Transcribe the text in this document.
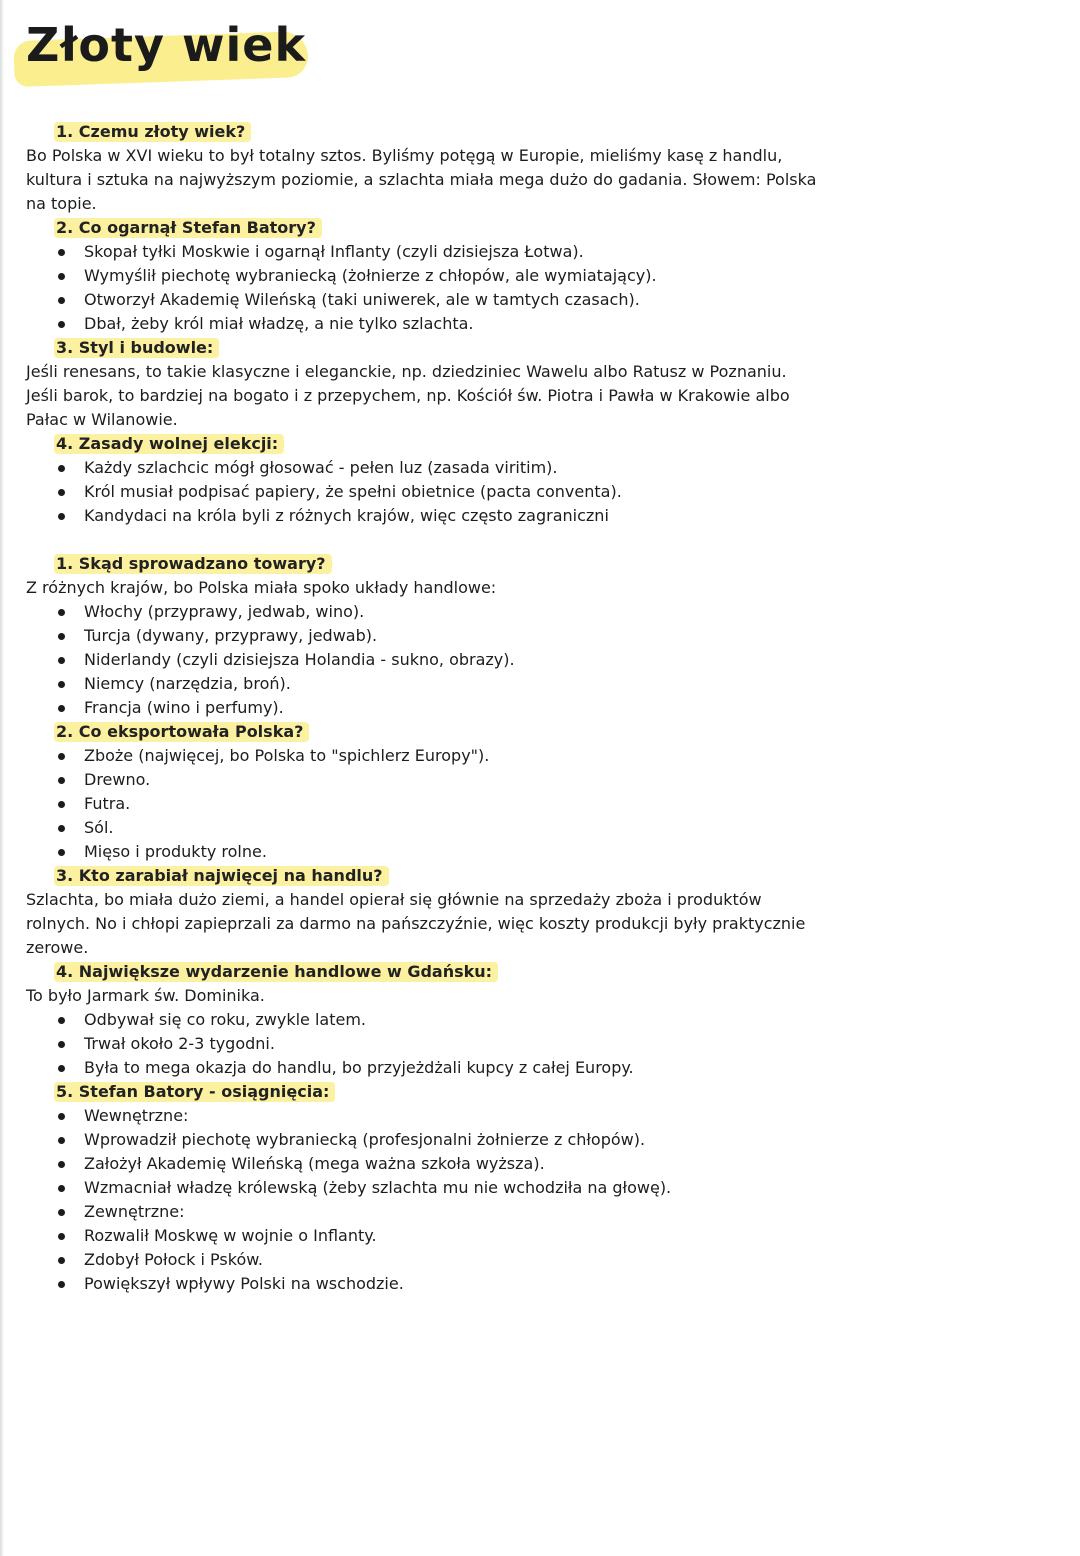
Złoty wiek
1. Czemu złoty wiek?

Bo Polska w XVI wieku to był totalny sztos. Byliśmy potęgą w Europie, mieliśmy kasę z handlu, kultura i sztuka na najwyższym poziomie, a szlachta miała mega dużo do gadania. Słowem: Polska na topie.

2. Co ogarnął Stefan Batory?
Skopał tyłki Moskwie i ogarnął Inflanty (czyli dzisiejsza Łotwa).
Wymyślił piechotę wybraniecką (żołnierze z chłopów, ale wymiatający).
Otworzył Akademię Wileńską (taki uniwerek, ale w tamtych czasach).
Dbał, żeby król miał władzę, a nie tylko szlachta.
3. Styl i budowle:

Jeśli renesans, to takie klasyczne i eleganckie, np. dziedziniec Wawelu albo Ratusz w Poznaniu.

Jeśli barok, to bardziej na bogato i z przepychem, np. Kościół św. Piotra i Pawła w Krakowie albo Pałac w Wilanowie.

4. Zasady wolnej elekcji:
Każdy szlachcic mógł głosować - pełen luz (zasada viritim).
Król musiał podpisać papiery, że spełni obietnice (pacta conventa).
Kandydaci na króla byli z różnych krajów, więc często zagraniczni
1. Skąd sprowadzano towary?

Z różnych krajów, bo Polska miała spoko układy handlowe:

Włochy (przyprawy, jedwab, wino).
Turcja (dywany, przyprawy, jedwab).
Niderlandy (czyli dzisiejsza Holandia - sukno, obrazy).
Niemcy (narzędzia, broń).
Francja (wino i perfumy).
2. Co eksportowała Polska?
Zboże (najwięcej, bo Polska to "spichlerz Europy").
Drewno.
Futra.
Sól.
Mięso i produkty rolne.
3. Kto zarabiał najwięcej na handlu?

Szlachta, bo miała dużo ziemi, a handel opierał się głównie na sprzedaży zboża i produktów rolnych. No i chłopi zapieprzali za darmo na pańszczyźnie, więc koszty produkcji były praktycznie zerowe.

4. Największe wydarzenie handlowe w Gdańsku:

To było Jarmark św. Dominika.

Odbywał się co roku, zwykle latem.
Trwał około 2-3 tygodni.
Była to mega okazja do handlu, bo przyjeżdżali kupcy z całej Europy.
5. Stefan Batory - osiągnięcia:
Wewnętrzne:
Wprowadził piechotę wybraniecką (profesjonalni żołnierze z chłopów).
Założył Akademię Wileńską (mega ważna szkoła wyższa).
Wzmacniał władzę królewską (żeby szlachta mu nie wchodziła na głowę).
Zewnętrzne:
Rozwalił Moskwę w wojnie o Inflanty.
Zdobył Połock i Psków.
Powiększył wpływy Polski na wschodzie.
